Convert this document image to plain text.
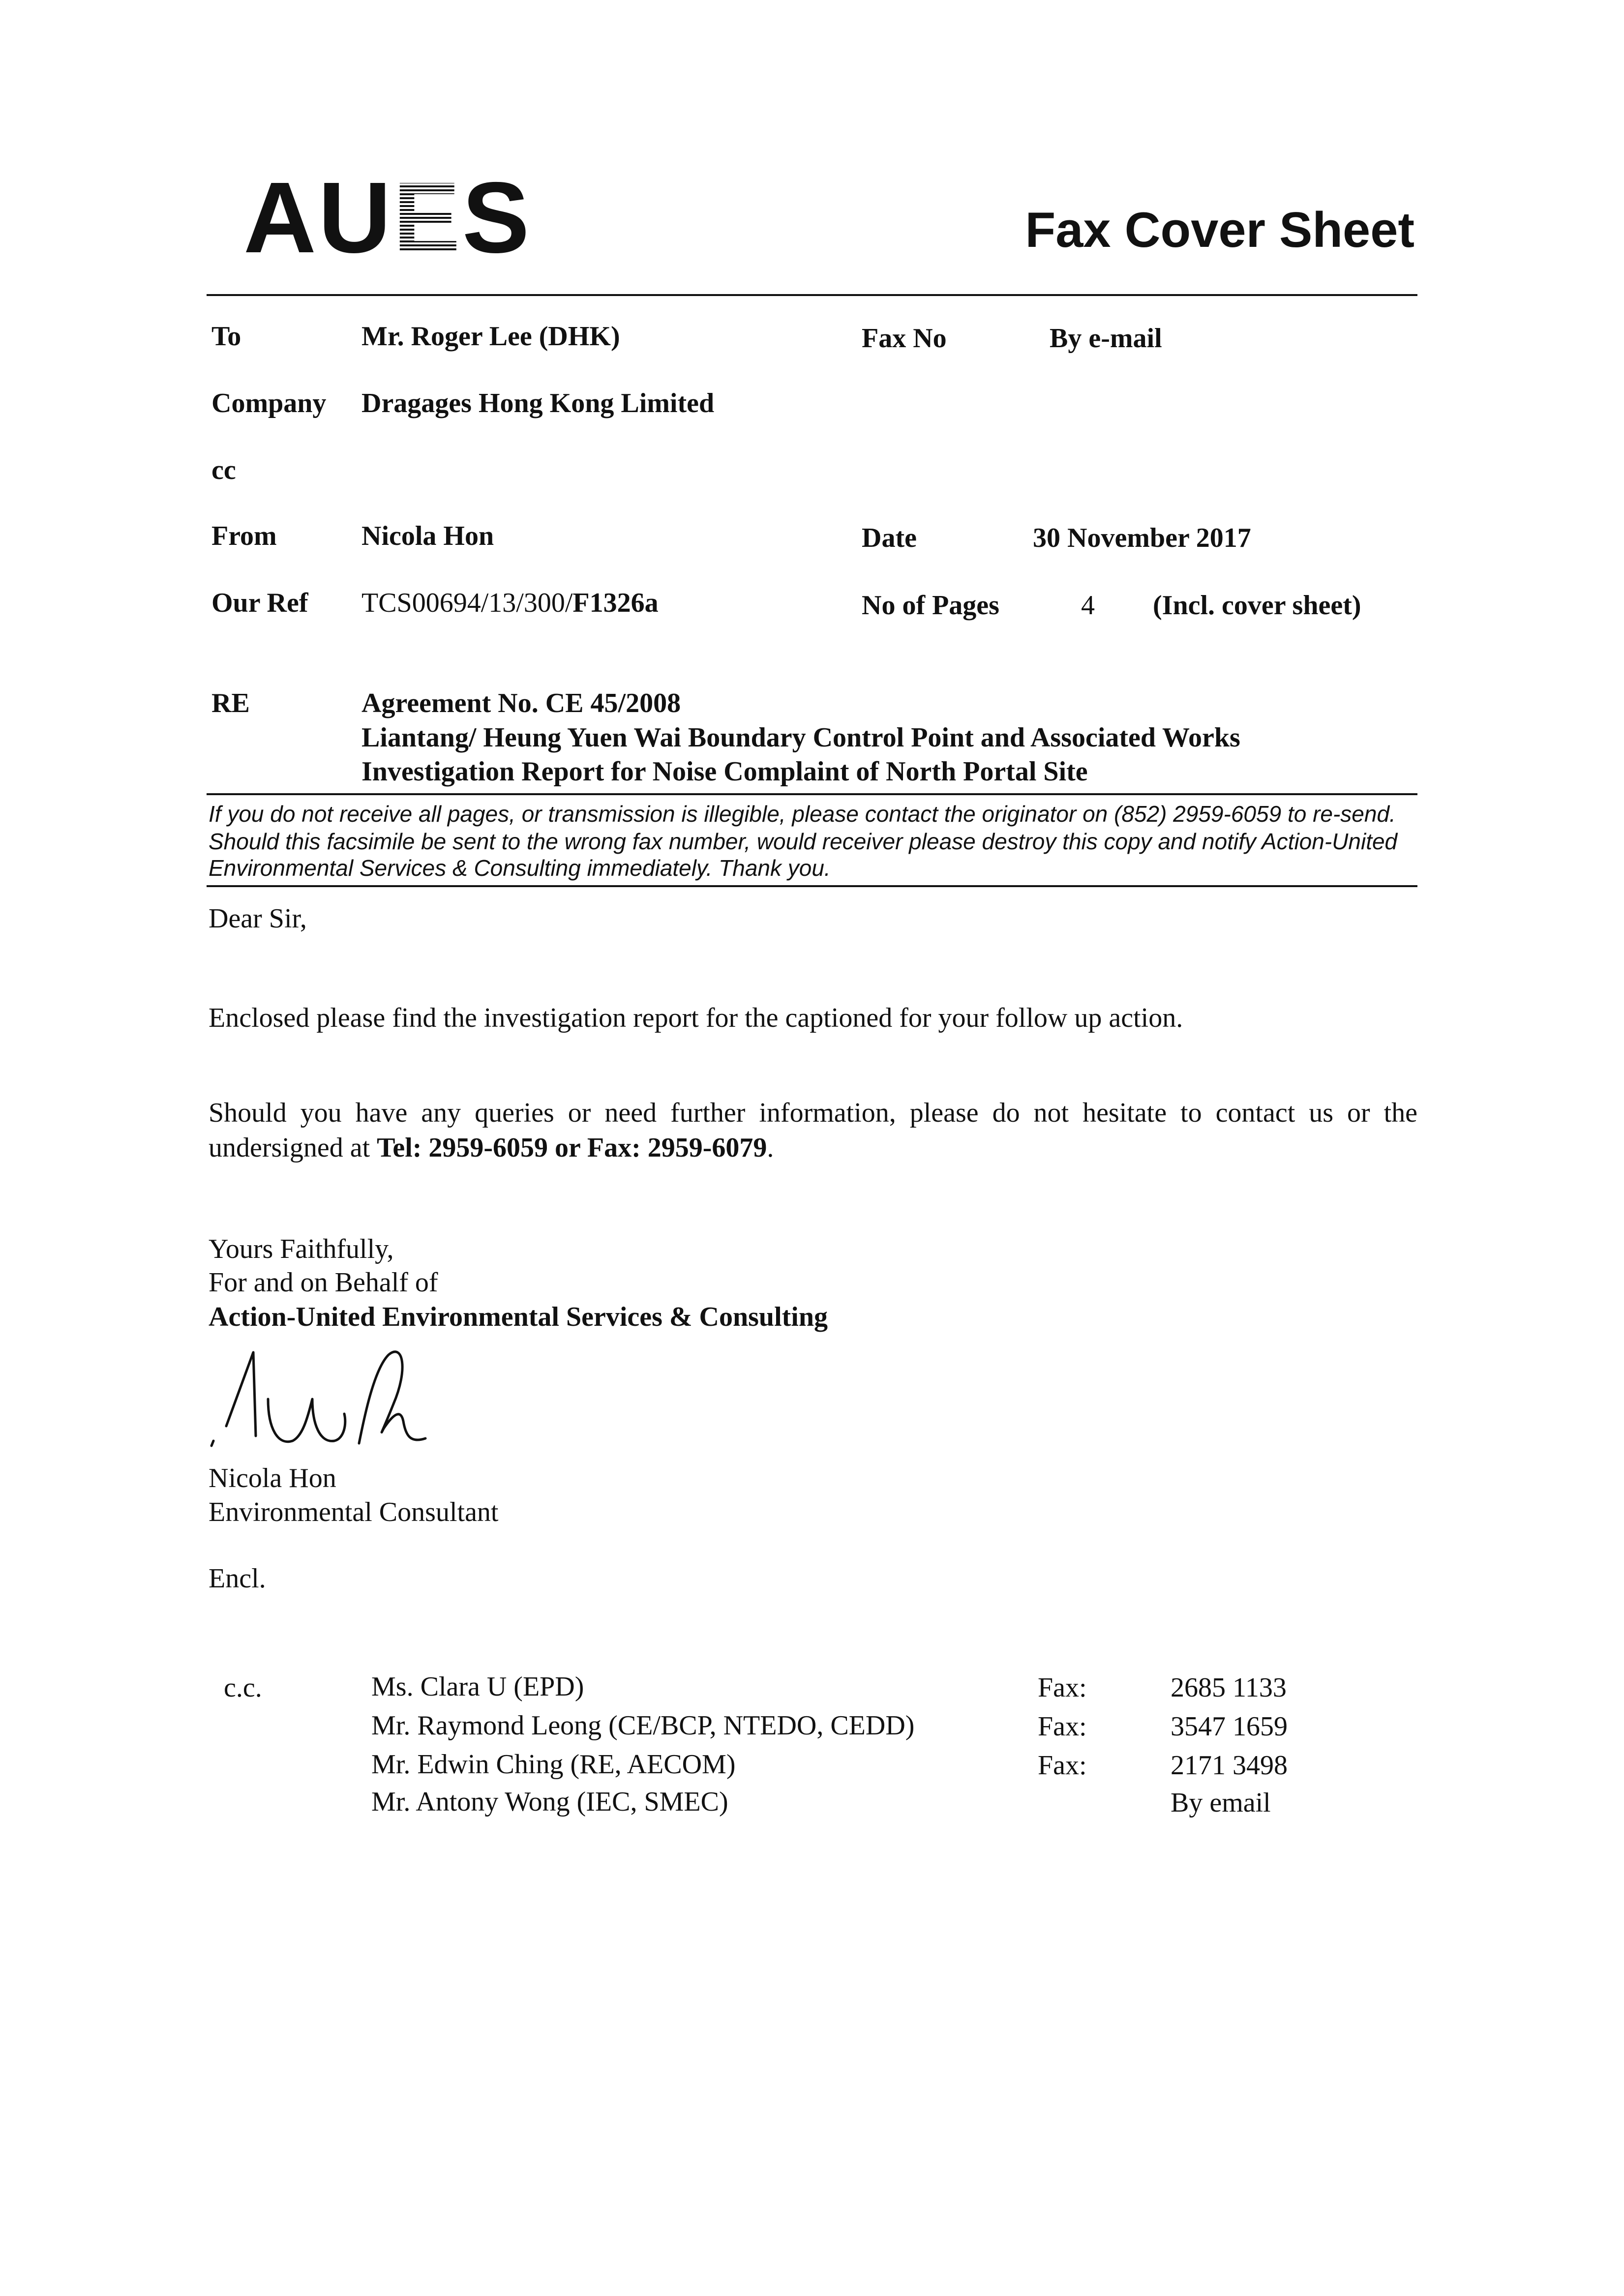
AUES	Fax Cover Sheet
To	Mr. Roger Lee (DHK)	Fax No	By e-mail
Company Dragages Hong Kong Limited
cc
From	Nicola Hon	Date	30 November 2017
Our Ref TCS00694/13/300/F1326a	No of Pages	4 (Incl. cover sheet)
RE	Agreement No. CE 45/2008
Liantang/ Heung Yuen Wai Boundary Control Point and Associated Works
Investigation Report for Noise Complaint of North Portal Site
If you do not receive all pages, or transmission is illegible, please contact the originator on (852) 2959-6059 to re-send.
Should this facsimile be sent to the wrong fax number, would receiver please destroy this copy and notify Action-United
Environmental Services & Consulting immediately. Thank you.
Dear Sir,
Enclosed please find the investigation report for the captioned for your follow up action.
Should you have any queries or need further information, please do not hesitate to contact us or the undersigned at Tel: 2959-6059 or Fax: 2959-6079.
Yours Faithfully,
For and on Behalf of
Action-United Environmental Services & Consulting
Nicola Hon
Environmental Consultant
Encl.
c.c.	Ms. Clara U (EPD)	Fax:	2685 1133
Mr. Raymond Leong (CE/BCP, NTEDO, CEDD)	Fax:	3547 1659
Mr. Edwin Ching (RE, AECOM)	Fax:	2171 3498
Mr. Antony Wong (IEC, SMEC)	By email
